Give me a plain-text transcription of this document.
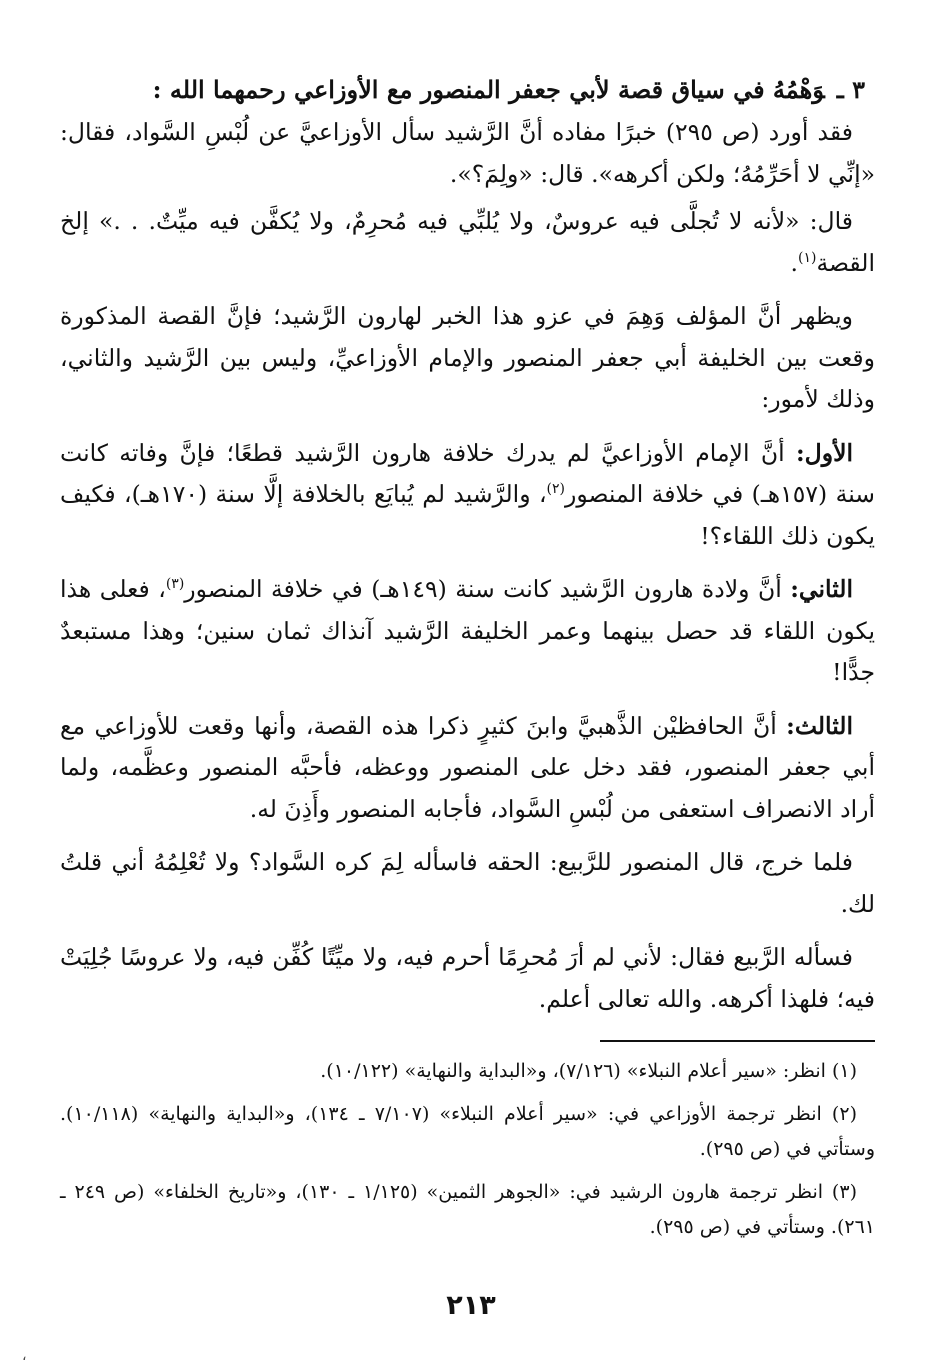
٣ ـوَهْمُهُ في سياق قصة لأبي جعفر المنصور مع الأوزاعي رحمهما الله :

فقد أورد (ص ٢٩٥) خبرًا مفاده أنَّ الرَّشيد سأل الأوزاعيَّ عن لُبْسِ السَّواد، فقال: «إنِّي لا أحَرِّمُهُ؛ ولكن أكرهه». قال: «ولِمَ؟».

قال: «لأنه لا تُجلَّى فيه عروسٌ، ولا يُلبِّي فيه مُحرِمٌ، ولا يُكفَّن فيه ميِّتٌ. . .» إلخ القصة$^{(١)}$.

ويظهر أنَّ المؤلف وَهِمَ في عزو هذا الخبر لهارون الرَّشيد؛ فإنَّ القصة المذكورة وقعت بين الخليفة أبي جعفر المنصور والإمام الأوزاعيِّ، وليس بين الرَّشيد والثاني، وذلك لأمور:

الأول: أنَّ الإمام الأوزاعيَّ لم يدرك خلافة هارون الرَّشيد قطعًا؛ فإنَّ وفاته كانت سنة (١٥٧هـ) في خلافة المنصور$^{(٢)}$، والرَّشيد لم يُبايَع بالخلافة إلَّا سنة (١٧٠هـ)، فكيف يكون ذلك اللقاء؟!

الثاني: أنَّ ولادة هارون الرَّشيد كانت سنة (١٤٩هـ) في خلافة المنصور$^{(٣)}$، فعلى هذا يكون اللقاء قد حصل بينهما وعمر الخليفة الرَّشيد آنذاك ثمان سنين؛ وهذا مستبعدٌ جدًّا!

الثالث: أنَّ الحافظيْن الذَّهبيَّ وابنَ كثيرٍ ذكرا هذه القصة، وأنها وقعت للأوزاعي مع أبي جعفر المنصور، فقد دخل على المنصور ووعظه، فأحبَّه المنصور وعظَّمه، ولما أراد الانصراف استعفى من لُبْسِ السَّواد، فأجابه المنصور وأَذِنَ له.

فلما خرج، قال المنصور للرَّبيع: الحقه فاسأله لِمَ كره السَّواد؟ ولا تُعْلِمُهُ أني قلتُ لك.

فسأله الرَّبيع فقال: لأني لم أرَ مُحرِمًا أحرم فيه، ولا ميِّتًا كُفِّن فيه، ولا عروسًا جُلِيَتْ فيه؛ فلهذا أكرهه. والله تعالى أعلم.

(١) انظر: «سير أعلام النبلاء» (٧/١٢٦)، و«البداية والنهاية» (١٠/١٢٢).

(٢) انظر ترجمة الأوزاعي في: «سير أعلام النبلاء» (٧/١٠٧ ـ ١٣٤)، و«البداية والنهاية» (١٠/١١٨). وستأتي في (ص ٢٩٥).

(٣) انظر ترجمة هارون الرشيد في: «الجوهر الثمين» (١/١٢٥ ـ ١٣٠)، و«تاريخ الخلفاء» (ص ٢٤٩ ـ ٢٦١). وستأتي في (ص ٢٩٥).

٢١٣
،
